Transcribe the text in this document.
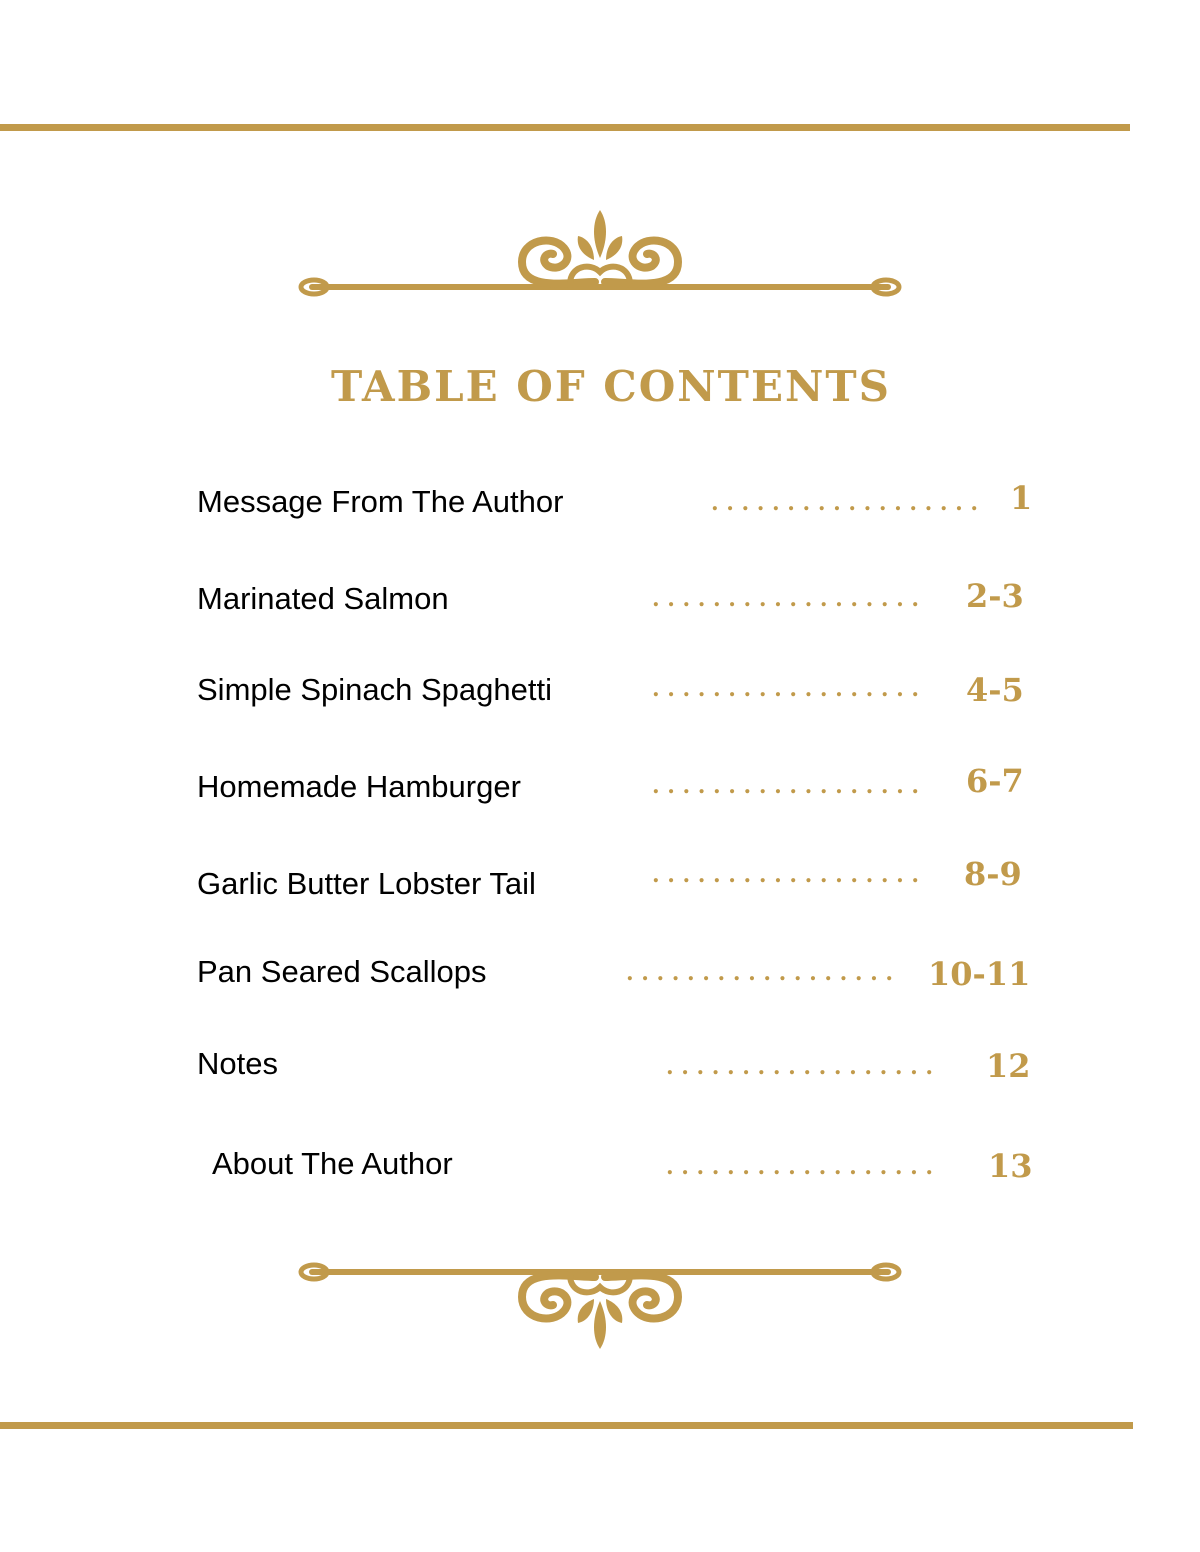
TABLE OF CONTENTS
Message From The Author	.................. 1
Marinated Salmon	.................. 2-3
Simple Spinach Spaghetti	.................. 4-5
Homemade Hamburger	.................. 6-7
Garlic Butter Lobster Tail	.................. 8-9
Pan Seared Scallops	.................. 10-11
Notes	.................. 12
About The Author	.................. 13
